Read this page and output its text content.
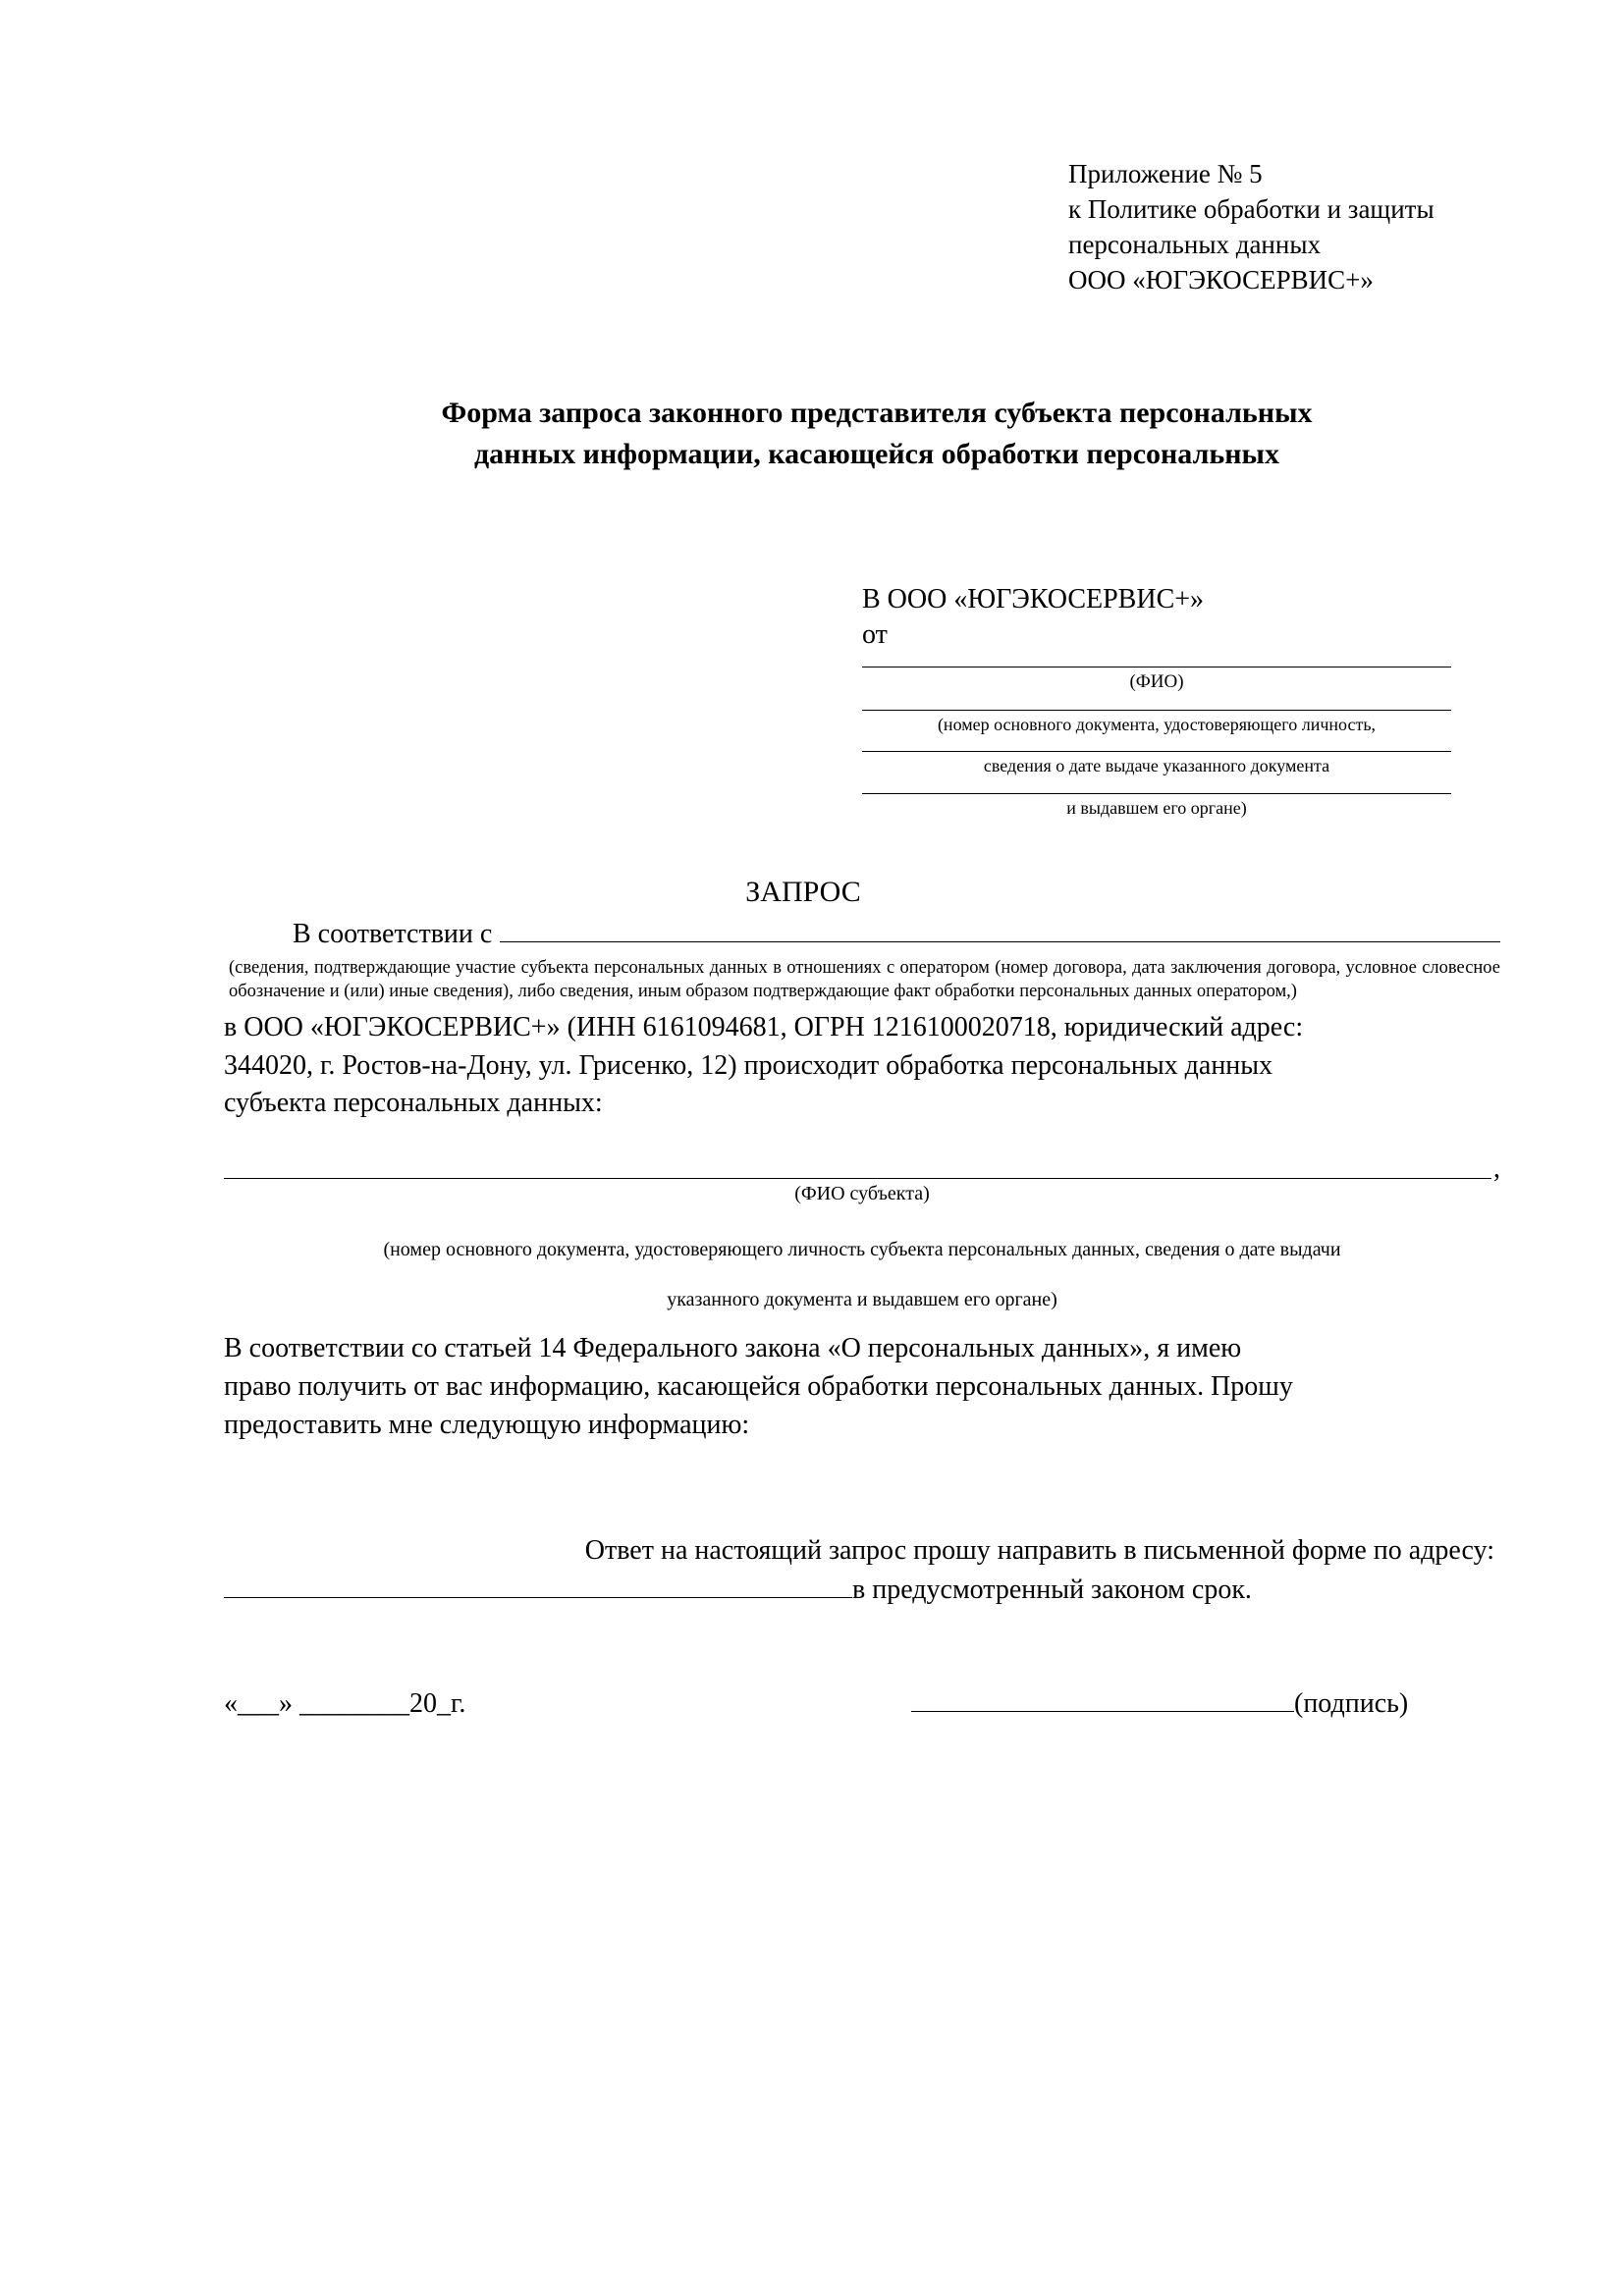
Приложение № 5
к Политике обработки и защиты
персональных данных
ООО «ЮГЭКОСЕРВИС+»
Форма запроса законного представителя субъекта персональных
данных информации, касающейся обработки персональных
В ООО «ЮГЭКОСЕРВИС+»
от
(ФИО)
(номер основного документа, удостоверяющего личность,
сведения о дате выдаче указанного документа
и выдавшем его органе)
ЗАПРОС
В соответствии с
(сведения, подтверждающие участие субъекта персональных данных в отношениях с оператором (номер договора, дата заключения договора, условное словесное обозначение и (или) иные сведения), либо сведения, иным образом подтверждающие факт обработки персональных данных оператором,)
в ООО «ЮГЭКОСЕРВИС+» (ИНН 6161094681, ОГРН 1216100020718, юридический адрес:
344020, г. Ростов-на-Дону, ул. Грисенко, 12) происходит обработка персональных данных
субъекта персональных данных:
,
(ФИО субъекта)
(номер основного документа, удостоверяющего личность субъекта персональных данных, сведения о дате выдачи
указанного документа и выдавшем его органе)
В соответствии со статьей 14 Федерального закона «О персональных данных», я имею
право получить от вас информацию, касающейся обработки персональных данных. Прошу
предоставить мне следующую информацию:
Ответ на настоящий запрос прошу направить в письменной форме по адресу:
в предусмотренный законом срок.
«___» ________20_г.	(подпись)
